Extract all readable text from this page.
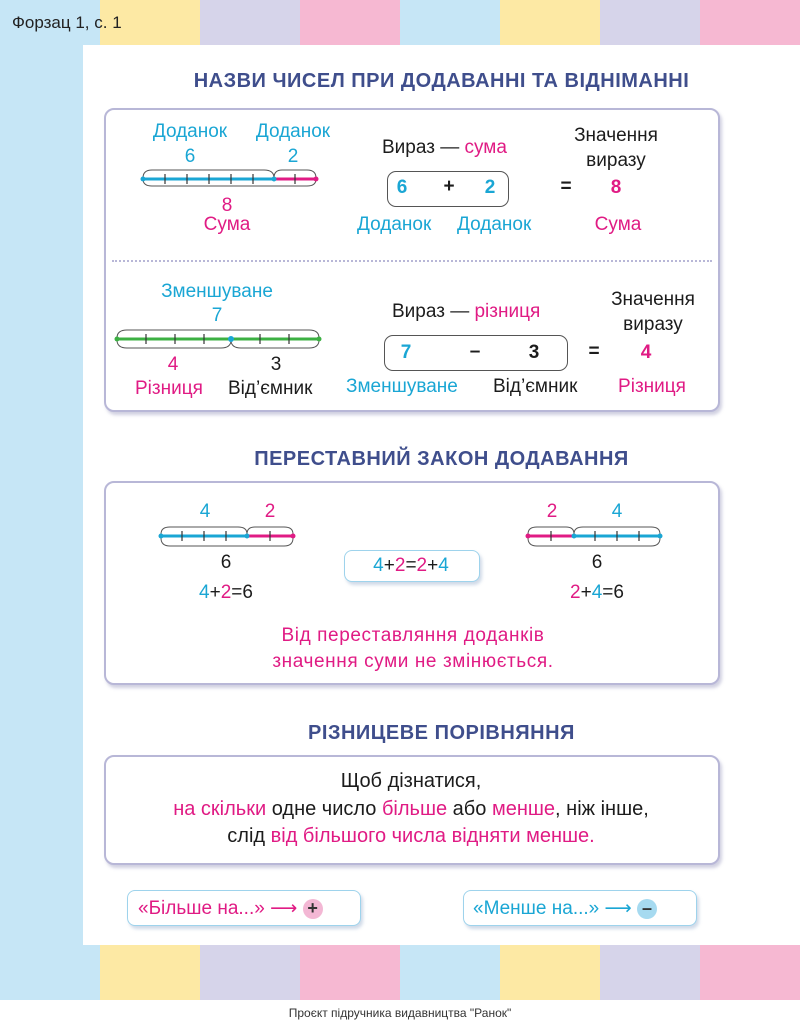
Форзац 1, с. 1
НАЗВИ ЧИСЕЛ ПРИ ДОДАВАННІ ТА ВІДНІМАННІ
Доданок Доданок
6	2
8
Сума
Вираз — сума
6 + 2	= 8
Значення
виразу
Доданок Доданок	Сума
Зменшуване
7
4	3
Різниця Від’ємник
Вираз — різниця
7	–	3	= 4
Значення
виразу
Зменшуване Від’ємник Різниця
ПЕРЕСТАВНИЙ ЗАКОН ДОДАВАННЯ
4	2
6
4+2=6
4+2=2+4
2	4
6
2+4=6
Від переставляння доданків
значення суми не змінюється.
РІЗНИЦЕВЕ ПОРІВНЯННЯ
Щоб дізнатися,
на скільки одне число більше або менше, ніж інше,
слід від більшого числа відняти менше.
«Більше на...» ⟶ +	«Менше на...» ⟶ –
Проєкт підручника видавництва "Ранок"
